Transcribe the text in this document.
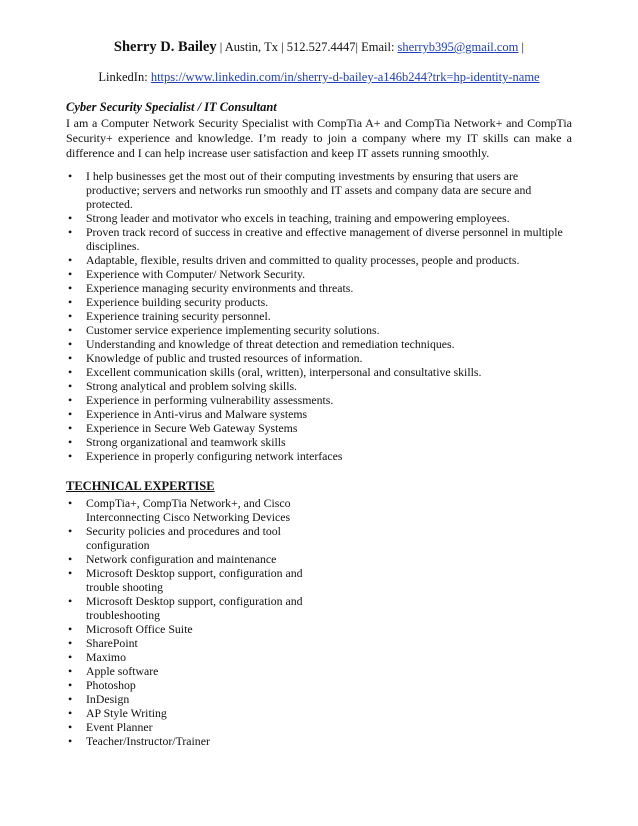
Sherry D. Bailey | Austin, Tx | 512.527.4447| Email: sherryb395@gmail.com |
LinkedIn: https://www.linkedin.com/in/sherry-d-bailey-a146b244?trk=hp-identity-name
Cyber Security Specialist / IT Consultant
I am a Computer Network Security Specialist with CompTia A+ and CompTia Network+ and CompTia Security+ experience and knowledge. I’m ready to join a company where my IT skills can make a difference and I can help increase user satisfaction and keep IT assets running smoothly.
• I help businesses get the most out of their computing investments by ensuring that users are productive; servers and networks run smoothly and IT assets and company data are secure and protected.
• Strong leader and motivator who excels in teaching, training and empowering employees.
• Proven track record of success in creative and effective management of diverse personnel in multiple disciplines.
• Adaptable, flexible, results driven and committed to quality processes, people and products.
• Experience with Computer/ Network Security.
• Experience managing security environments and threats.
• Experience building security products.
• Experience training security personnel.
• Customer service experience implementing security solutions.
• Understanding and knowledge of threat detection and remediation techniques.
• Knowledge of public and trusted resources of information.
• Excellent communication skills (oral, written), interpersonal and consultative skills.
• Strong analytical and problem solving skills.
• Experience in performing vulnerability assessments.
• Experience in Anti-virus and Malware systems
• Experience in Secure Web Gateway Systems
• Strong organizational and teamwork skills
• Experience in properly configuring network interfaces
TECHNICAL EXPERTISE
• CompTia+, CompTia Network+, and Cisco Interconnecting Cisco Networking Devices
• Security policies and procedures and tool configuration
• Network configuration and maintenance
• Microsoft Desktop support, configuration and trouble shooting
• Microsoft Desktop support, configuration and troubleshooting
• Microsoft Office Suite
• SharePoint
• Maximo
• Apple software
• Photoshop
• InDesign
• AP Style Writing
• Event Planner
• Teacher/Instructor/Trainer
